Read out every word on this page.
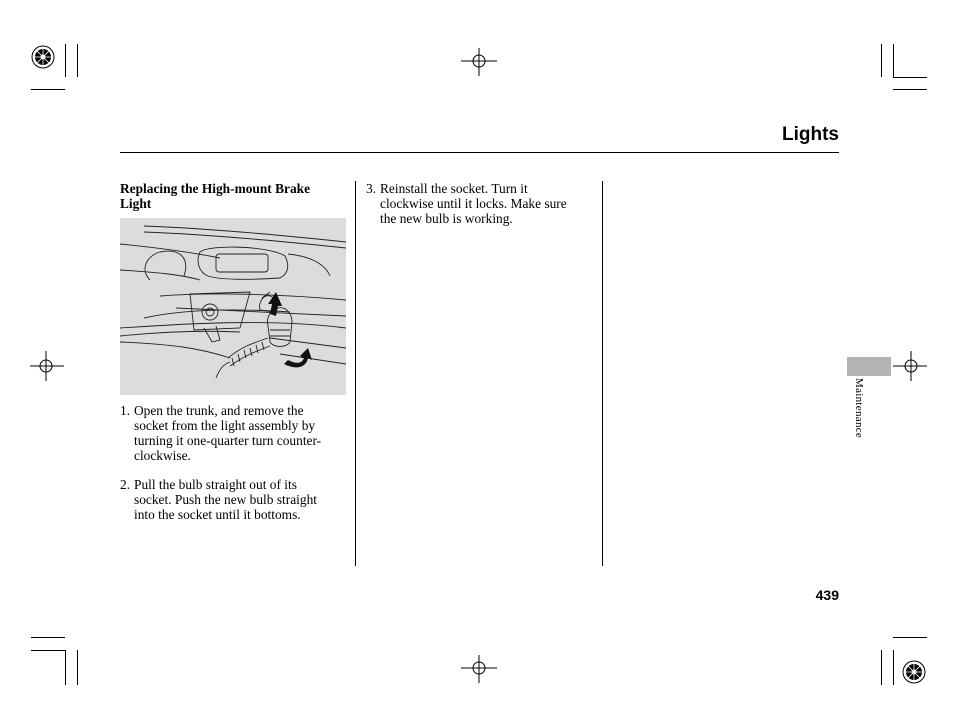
Lights
Replacing the High-mount Brake
Light
1. Open the trunk, and remove the
socket from the light assembly by
turning it one-quarter turn counter-
clockwise.
2. Pull the bulb straight out of its
socket. Push the new bulb straight
into the socket until it bottoms.
3. Reinstall the socket. Turn it
clockwise until it locks. Make sure
the new bulb is working.
Maintenance
439
